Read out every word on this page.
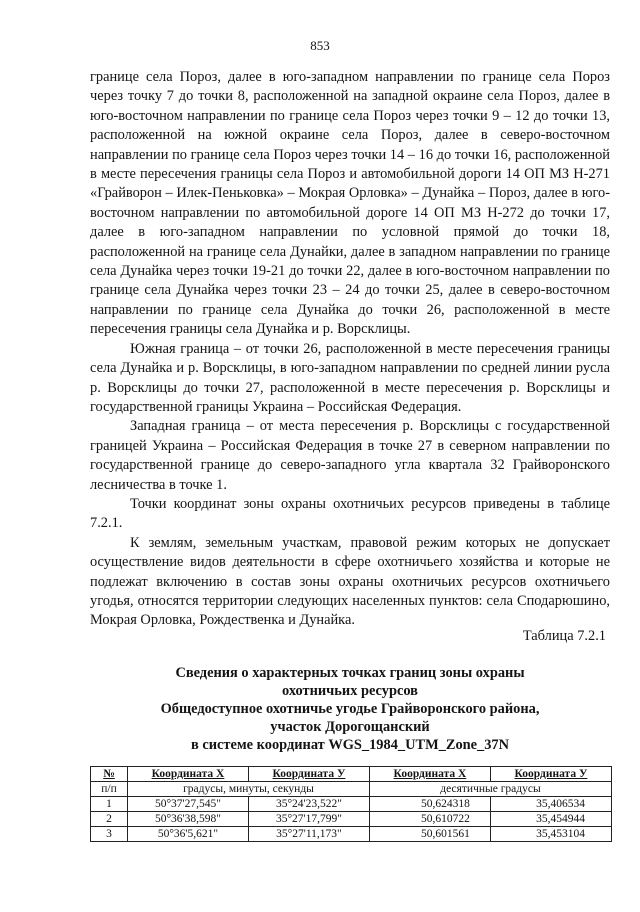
853

границе села Пороз, далее в юго-западном направлении по границе села Пороз через точку 7 до точки 8, расположенной на западной окраине села Пороз, далее в юго-восточном направлении по границе села Пороз через точки 9 – 12 до точки 13, расположенной на южной окраине села Пороз, далее в северо-восточном направлении по границе села Пороз через точки 14 – 16 до точки 16, расположенной в месте пересечения границы села Пороз и автомобильной дороги 14 ОП МЗ Н-271 «Грайворон – Илек-Пеньковка» – Мокрая Орловка» – Дунайка – Пороз, далее в юго-восточном направлении по автомобильной дороге 14 ОП МЗ Н-272 до точки 17, далее в юго-западном направлении по условной прямой до точки 18, расположенной на границе села Дунайки, далее в западном направлении по границе села Дунайка через точки 19-21 до точки 22, далее в юго-восточном направлении по границе села Дунайка через точки 23 – 24 до точки 25, далее в северо-восточном направлении по границе села Дунайка до точки 26, расположенной в месте пересечения границы села Дунайка и р. Ворсклицы.

Южная граница – от точки 26, расположенной в месте пересечения границы села Дунайка и р. Ворсклицы, в юго-западном направлении по средней линии русла р. Ворсклицы до точки 27, расположенной в месте пересечения р. Ворсклицы и государственной границы Украина – Российская Федерация.

Западная граница – от места пересечения р. Ворсклицы с государственной границей Украина – Российская Федерация в точке 27 в северном направлении по государственной границе до северо-западного угла квартала 32 Грайворонского лесничества в точке 1.

Точки координат зоны охраны охотничьих ресурсов приведены в таблице 7.2.1.

К землям, земельным участкам, правовой режим которых не допускает осуществление видов деятельности в сфере охотничьего хозяйства и которые не подлежат включению в состав зоны охраны охотничьих ресурсов охотничьего угодья, относятся территории следующих населенных пунктов: села Сподарюшино, Мокрая Орловка, Рождественка и Дунайка.

Таблица 7.2.1
Сведения о характерных точках границ зоны охраны
охотничьих ресурсов
Общедоступное охотничье угодье Грайворонского района,
участок Дорогощанский
в системе координат WGS_1984_UTM_Zone_37N
№	Координата X	Координата У	Координата X	Координата У
п/п	градусы, минуты, секунды		десятичные градусы	
1	50°37'27,545"	35°24'23,522"	50,624318	35,406534
2	50°36'38,598"	35°27'17,799"	50,610722	35,454944
3	50°36'5,621"	35°27'11,173"	50,601561	35,453104
